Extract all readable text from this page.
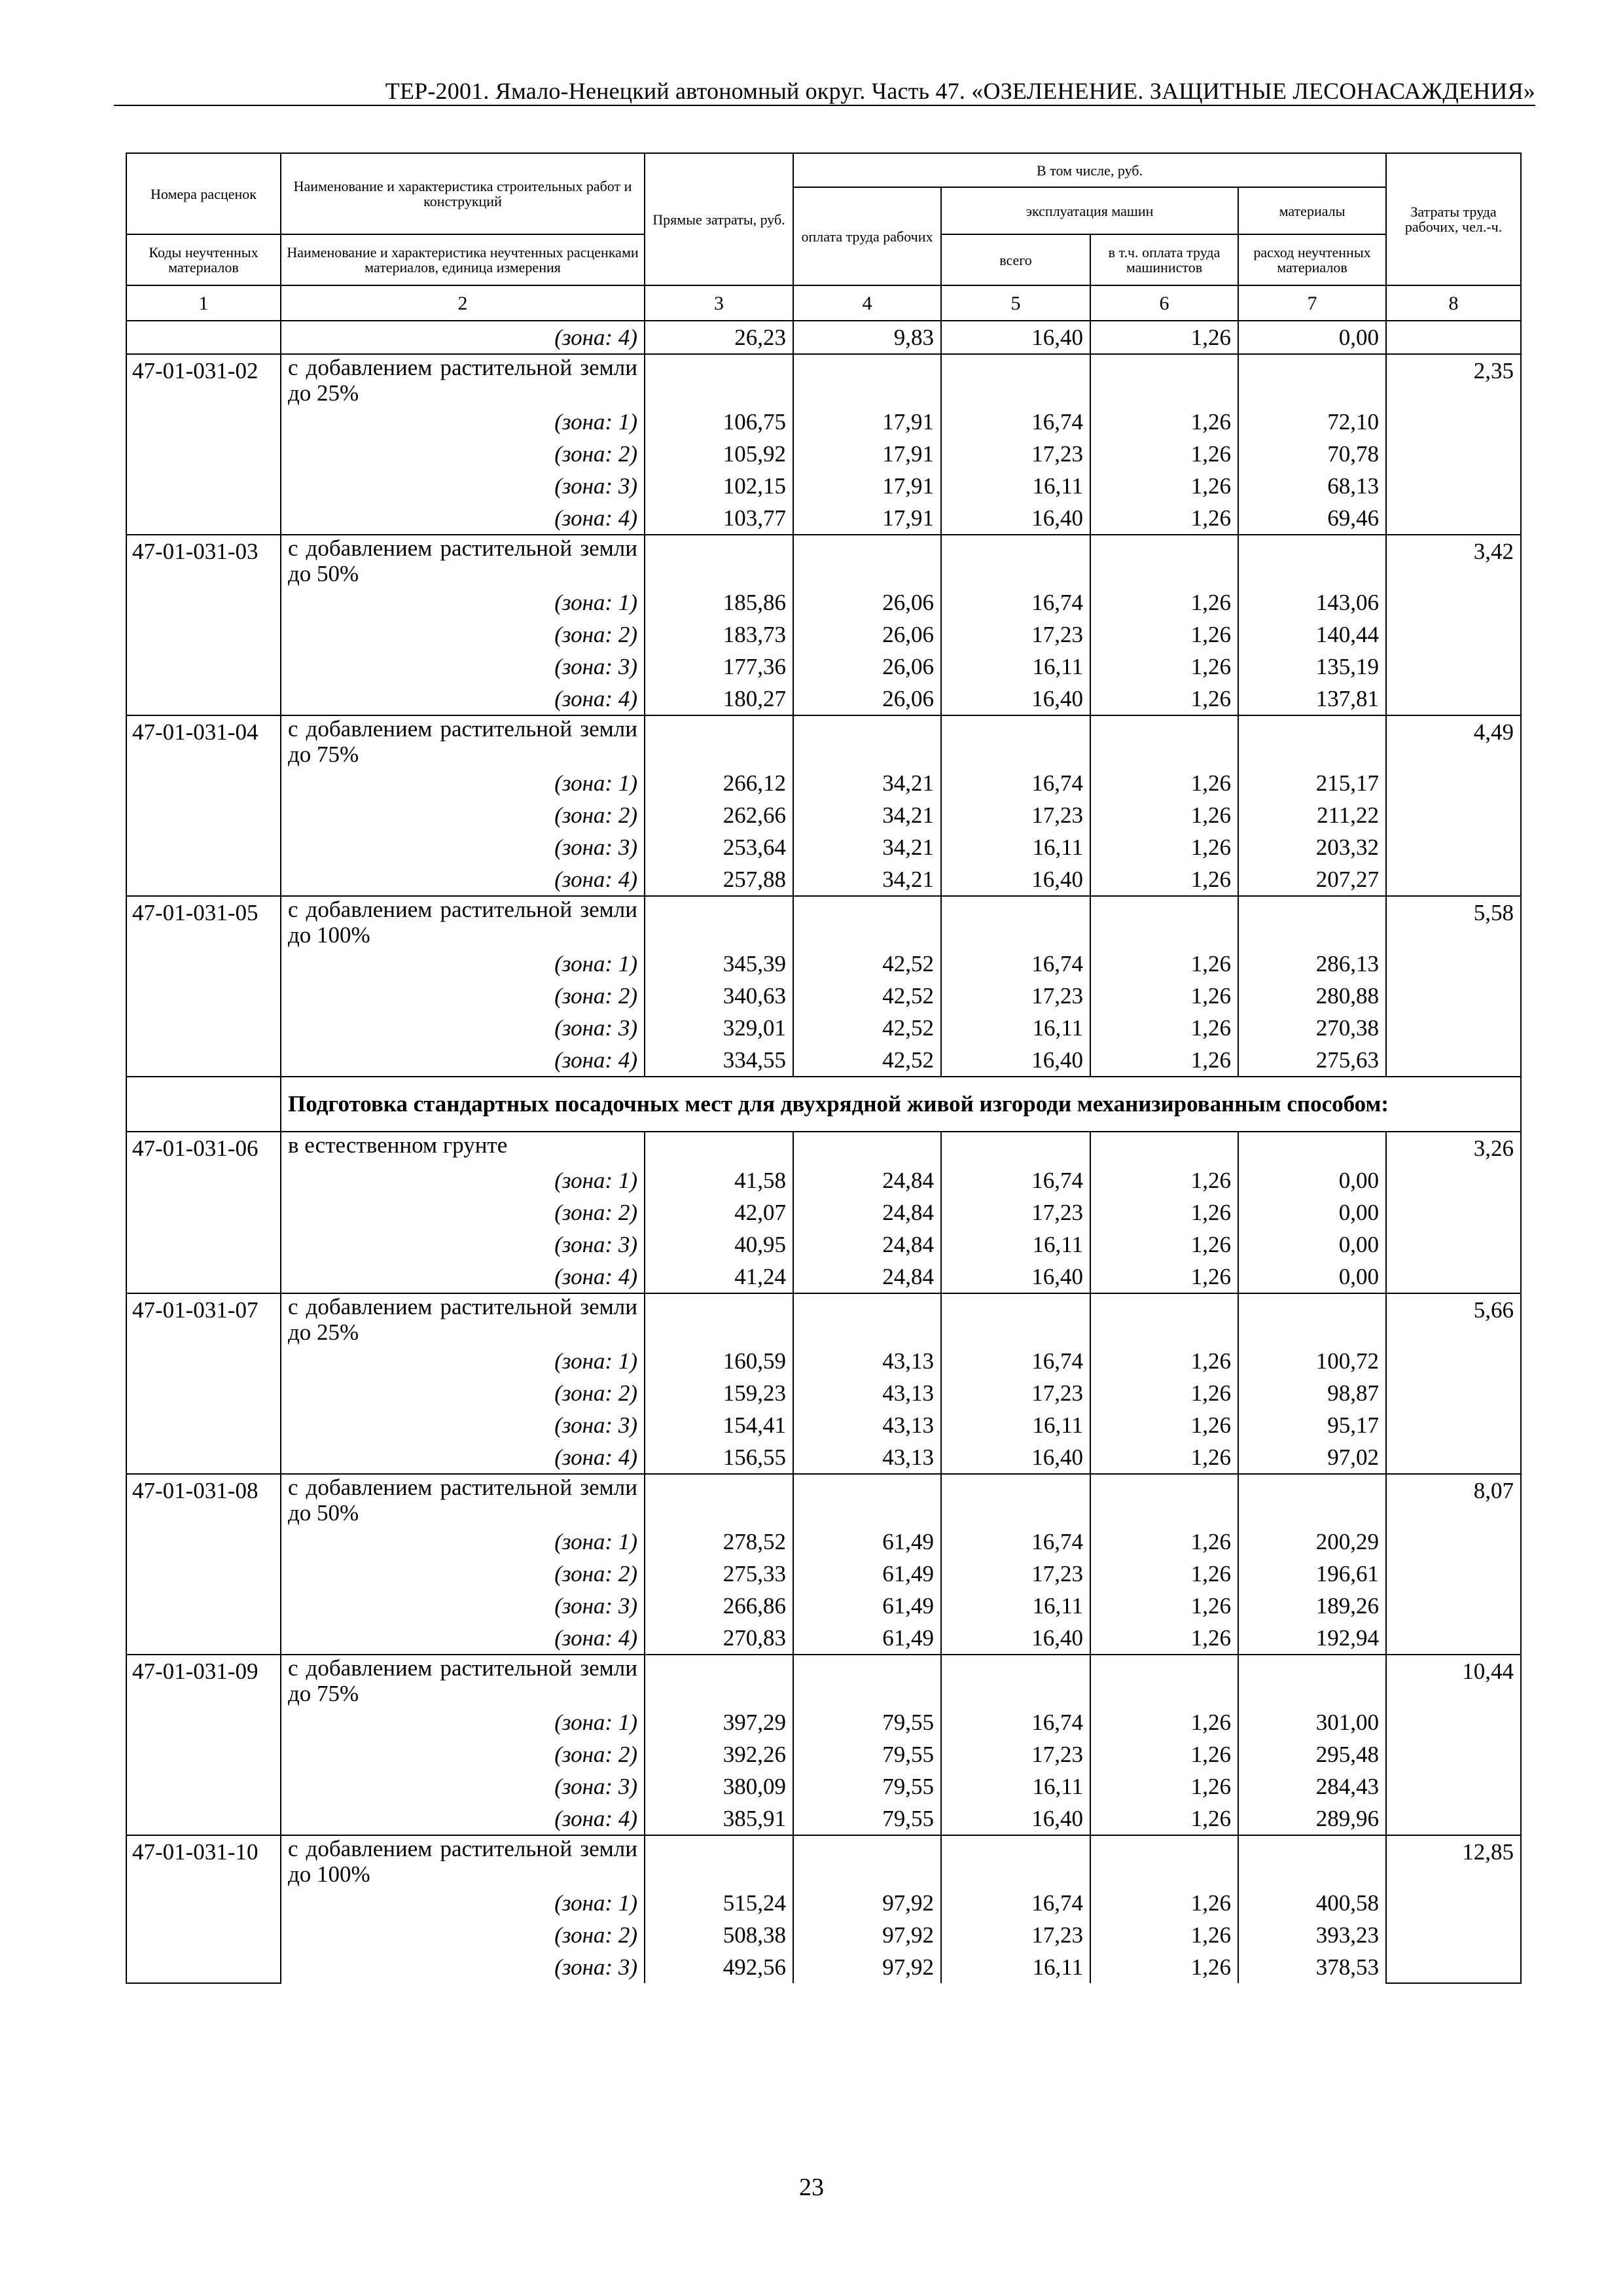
ТЕР-2001. Ямало-Ненецкий автономный округ. Часть 47. «ОЗЕЛЕНЕНИЕ. ЗАЩИТНЫЕ ЛЕСОНАСАЖДЕНИЯ»
Номера расценок	Наименование и характеристика строительных работ и конструкций	Прямые затраты, руб.	В том числе, руб.				Затраты труда рабочих, чел.-ч.
			оплата труда рабочих	эксплуатация машин		материалы	
Коды неучтенных материалов	Наименование и характеристика неучтенных расценками материалов, единица измерения			всего	в т.ч. оплата труда машинистов	расход неучтенных материалов	

1	2	3	4	5	6	7	8
	(зона: 4)	26,23	9,83	16,40	1,26	0,00	
47-01-031-02	с добавлением растительной земли до 25%						2,35
	(зона: 1)	106,75	17,91	16,74	1,26	72,10	
	(зона: 2)	105,92	17,91	17,23	1,26	70,78	
	(зона: 3)	102,15	17,91	16,11	1,26	68,13	
	(зона: 4)	103,77	17,91	16,40	1,26	69,46	
47-01-031-03	с добавлением растительной земли до 50%						3,42
	(зона: 1)	185,86	26,06	16,74	1,26	143,06	
	(зона: 2)	183,73	26,06	17,23	1,26	140,44	
	(зона: 3)	177,36	26,06	16,11	1,26	135,19	
	(зона: 4)	180,27	26,06	16,40	1,26	137,81	
47-01-031-04	с добавлением растительной земли до 75%						4,49
	(зона: 1)	266,12	34,21	16,74	1,26	215,17	
	(зона: 2)	262,66	34,21	17,23	1,26	211,22	
	(зона: 3)	253,64	34,21	16,11	1,26	203,32	
	(зона: 4)	257,88	34,21	16,40	1,26	207,27	
47-01-031-05	с добавлением растительной земли до 100%						5,58
	(зона: 1)	345,39	42,52	16,74	1,26	286,13	
	(зона: 2)	340,63	42,52	17,23	1,26	280,88	
	(зона: 3)	329,01	42,52	16,11	1,26	270,38	
	(зона: 4)	334,55	42,52	16,40	1,26	275,63	
	Подготовка стандартных посадочных мест для двухрядной живой изгороди механизированным способом:						
47-01-031-06	в естественном грунте						3,26
	(зона: 1)	41,58	24,84	16,74	1,26	0,00	
	(зона: 2)	42,07	24,84	17,23	1,26	0,00	
	(зона: 3)	40,95	24,84	16,11	1,26	0,00	
	(зона: 4)	41,24	24,84	16,40	1,26	0,00	
47-01-031-07	с добавлением растительной земли до 25%						5,66
	(зона: 1)	160,59	43,13	16,74	1,26	100,72	
	(зона: 2)	159,23	43,13	17,23	1,26	98,87	
	(зона: 3)	154,41	43,13	16,11	1,26	95,17	
	(зона: 4)	156,55	43,13	16,40	1,26	97,02	
47-01-031-08	с добавлением растительной земли до 50%						8,07
	(зона: 1)	278,52	61,49	16,74	1,26	200,29	
	(зона: 2)	275,33	61,49	17,23	1,26	196,61	
	(зона: 3)	266,86	61,49	16,11	1,26	189,26	
	(зона: 4)	270,83	61,49	16,40	1,26	192,94	
47-01-031-09	с добавлением растительной земли до 75%						10,44
	(зона: 1)	397,29	79,55	16,74	1,26	301,00	
	(зона: 2)	392,26	79,55	17,23	1,26	295,48	
	(зона: 3)	380,09	79,55	16,11	1,26	284,43	
	(зона: 4)	385,91	79,55	16,40	1,26	289,96	
47-01-031-10	с добавлением растительной земли до 100%						12,85
	(зона: 1)	515,24	97,92	16,74	1,26	400,58	
	(зона: 2)	508,38	97,92	17,23	1,26	393,23	
	(зона: 3)	492,56	97,92	16,11	1,26	378,53	
23
